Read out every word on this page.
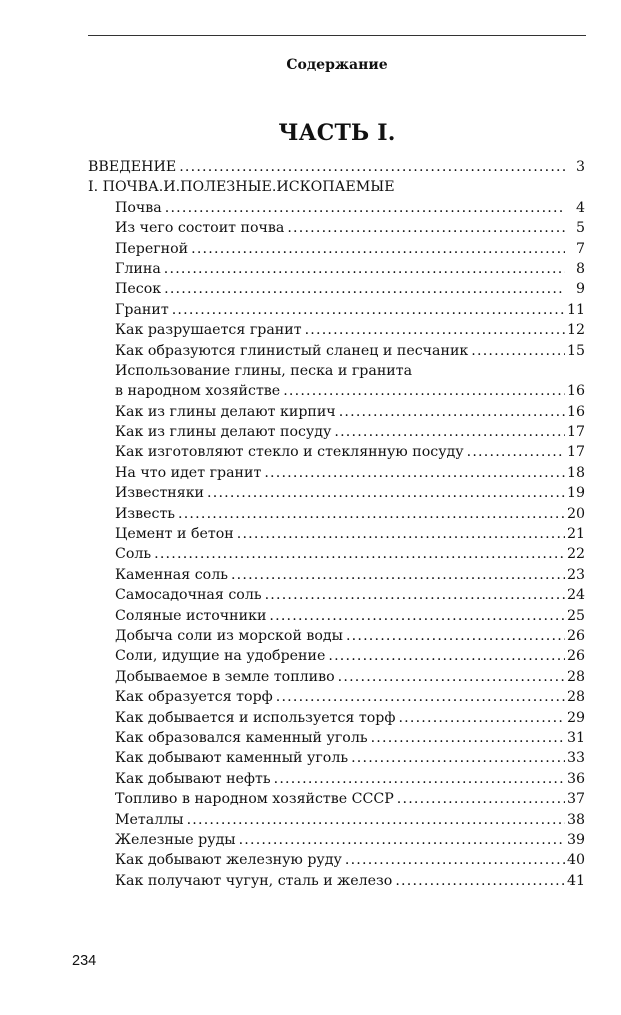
Содержание
ЧАСТЬ I.
ВВЕДЕНИЕ .....	3
I. ПОЧВА.И.ПОЛЕЗНЫЕ.ИСКОПАЕМЫЕ
Почва .....	4
Из чего состоит почва .....	5
Перегной .....	7
Глина .....	8
Песок .....	9
Гранит .....	11
Как разрушается гранит .....	12
Как образуются глинистый сланец и песчаник .....	15
Использование глины, песка и гранита
в народном хозяйстве .....	16
Как из глины делают кирпич .....	16
Как из глины делают посуду .....	17
Как изготовляют стекло и стеклянную посуду .....	17
На что идет гранит .....	18
Известняки .....	19
Известь .....	20
Цемент и бетон .....	21
Соль .....	22
Каменная соль .....	23
Самосадочная соль .....	24
Соляные источники .....	25
Добыча соли из морской воды .....	26
Соли, идущие на удобрение .....	26
Добываемое в земле топливо .....	28
Как образуется торф .....	28
Как добывается и используется торф .....	29
Как образовался каменный уголь .....	31
Как добывают каменный уголь .....	33
Как добывают нефть .....	36
Топливо в народном хозяйстве СССР .....	37
Металлы .....	38
Железные руды .....	39
Как добывают железную руду .....	40
Как получают чугун, сталь и железо .....	41
234
